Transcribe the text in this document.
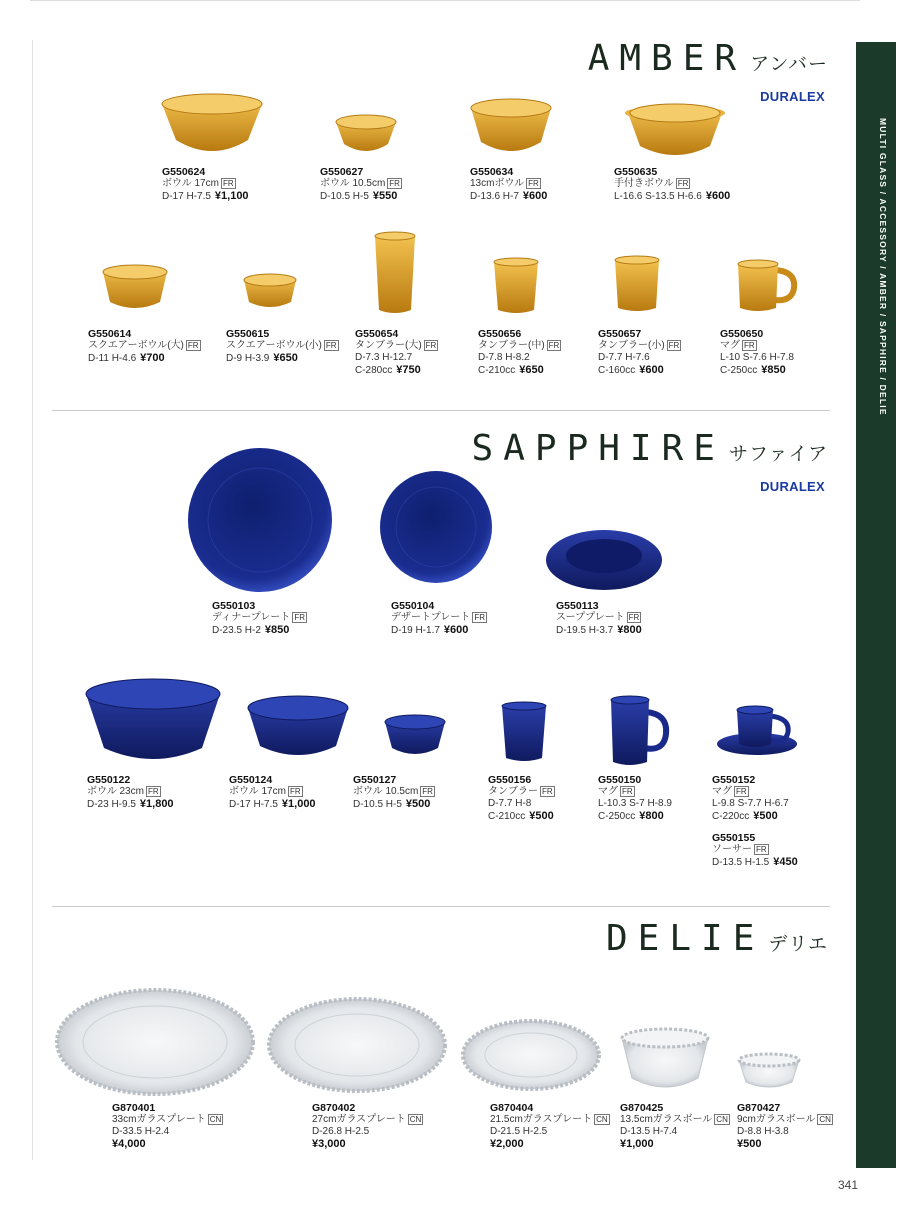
MULTI GLASS / ACCESSORY / AMBER / SAPPHIRE / DELIE
AMBER アンバー
DURALEX
G550624
ボウル 17cm FR
D-17 H-7.5 ¥1,100
G550627
ボウル 10.5cm FR
D-10.5 H-5 ¥550
G550634
13cmボウル FR
D-13.6 H-7 ¥600
G550635
手付きボウル FR
L-16.6 S-13.5 H-6.6 ¥600
G550614
スクエアーボウル(大) FR
D-11 H-4.6 ¥700
G550615
スクエアーボウル(小) FR
D-9 H-3.9 ¥650
G550654
タンブラー(大) FR
D-7.3 H-12.7
C-280cc ¥750
G550656
タンブラー(中) FR
D-7.8 H-8.2
C-210cc ¥650
G550657
タンブラー(小) FR
D-7.7 H-7.6
C-160cc ¥600
G550650
マグ FR
L-10 S-7.6 H-7.8
C-250cc ¥850
SAPPHIRE サファイア
DURALEX
G550103
ディナープレート FR
D-23.5 H-2 ¥850
G550104
デザートプレート FR
D-19 H-1.7 ¥600
G550113
スーププレート FR
D-19.5 H-3.7 ¥800
G550122
ボウル 23cm FR
D-23 H-9.5 ¥1,800
G550124
ボウル 17cm FR
D-17 H-7.5 ¥1,000
G550127
ボウル 10.5cm FR
D-10.5 H-5 ¥500
G550156
タンブラー FR
D-7.7 H-8
C-210cc ¥500
G550150
マグ FR
L-10.3 S-7 H-8.9
C-250cc ¥800
G550152
マグ FR
L-9.8 S-7.7 H-6.7
C-220cc ¥500
G550155
ソーサー FR
D-13.5 H-1.5 ¥450
DELIE デリエ
G870401
33cmガラスプレート CN
D-33.5 H-2.4
¥4,000
G870402
27cmガラスプレート CN
D-26.8 H-2.5
¥3,000
G870404
21.5cmガラスプレート CN
D-21.5 H-2.5
¥2,000
G870425
13.5cmガラスボール CN
D-13.5 H-7.4
¥1,000
G870427
9cmガラスボール CN
D-8.8 H-3.8
¥500
341
